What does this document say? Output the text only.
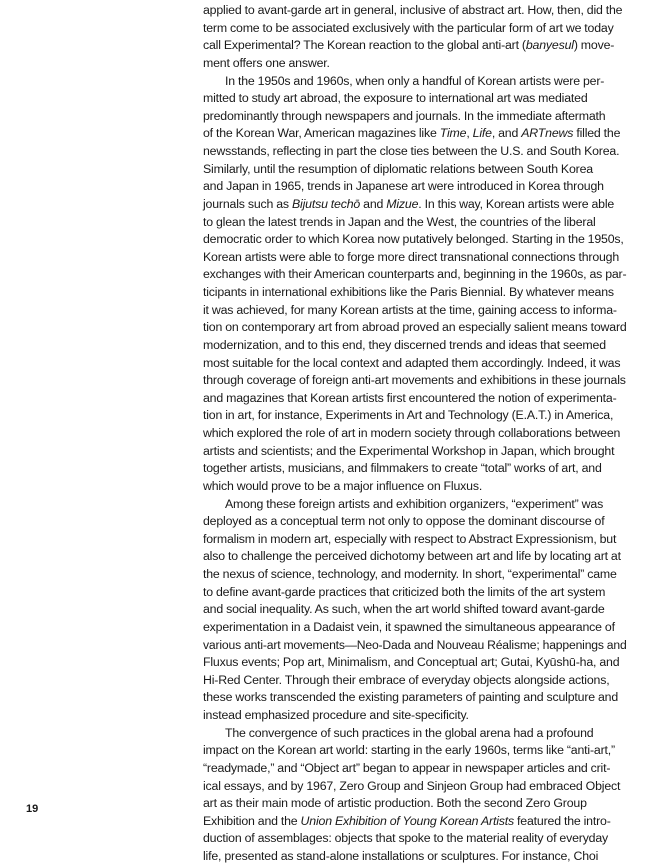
applied to avant-garde art in general, inclusive of abstract art. How, then, did the
term come to be associated exclusively with the particular form of art we today
call Experimental? The Korean reaction to the global anti-art (banyesul) move-
ment offers one answer.

In the 1950s and 1960s, when only a handful of Korean artists were per-
mitted to study art abroad, the exposure to international art was mediated
predominantly through newspapers and journals. In the immediate aftermath
of the Korean War, American magazines like Time, Life, and ARTnews filled the
newsstands, reflecting in part the close ties between the U.S. and South Korea.
Similarly, until the resumption of diplomatic relations between South Korea
and Japan in 1965, trends in Japanese art were introduced in Korea through
journals such as Bijutsu techō and Mizue. In this way, Korean artists were able
to glean the latest trends in Japan and the West, the countries of the liberal
democratic order to which Korea now putatively belonged. Starting in the 1950s,
Korean artists were able to forge more direct transnational connections through
exchanges with their American counterparts and, beginning in the 1960s, as par-
ticipants in international exhibitions like the Paris Biennial. By whatever means
it was achieved, for many Korean artists at the time, gaining access to informa-
tion on contemporary art from abroad proved an especially salient means toward
modernization, and to this end, they discerned trends and ideas that seemed
most suitable for the local context and adapted them accordingly. Indeed, it was
through coverage of foreign anti-art movements and exhibitions in these journals
and magazines that Korean artists first encountered the notion of experimenta-
tion in art, for instance, Experiments in Art and Technology (E.A.T.) in America,
which explored the role of art in modern society through collaborations between
artists and scientists; and the Experimental Workshop in Japan, which brought
together artists, musicians, and filmmakers to create “total” works of art, and
which would prove to be a major influence on Fluxus.

Among these foreign artists and exhibition organizers, “experiment” was
deployed as a conceptual term not only to oppose the dominant discourse of
formalism in modern art, especially with respect to Abstract Expressionism, but
also to challenge the perceived dichotomy between art and life by locating art at
the nexus of science, technology, and modernity. In short, “experimental” came
to define avant-garde practices that criticized both the limits of the art system
and social inequality. As such, when the art world shifted toward avant-garde
experimentation in a Dadaist vein, it spawned the simultaneous appearance of
various anti-art movements—Neo-Dada and Nouveau Réalisme; happenings and
Fluxus events; Pop art, Minimalism, and Conceptual art; Gutai, Kyūshū-ha, and
Hi-Red Center. Through their embrace of everyday objects alongside actions,
these works transcended the existing parameters of painting and sculpture and
instead emphasized procedure and site-specificity.

The convergence of such practices in the global arena had a profound
impact on the Korean art world: starting in the early 1960s, terms like “anti-art,”
“readymade,” and “Object art” began to appear in newspaper articles and crit-
ical essays, and by 1967, Zero Group and Sinjeon Group had embraced Object
art as their main mode of artistic production. Both the second Zero Group
Exhibition and the Union Exhibition of Young Korean Artists featured the intro-
duction of assemblages: objects that spoke to the material reality of everyday
life, presented as stand-alone installations or sculptures. For instance, Choi

19
